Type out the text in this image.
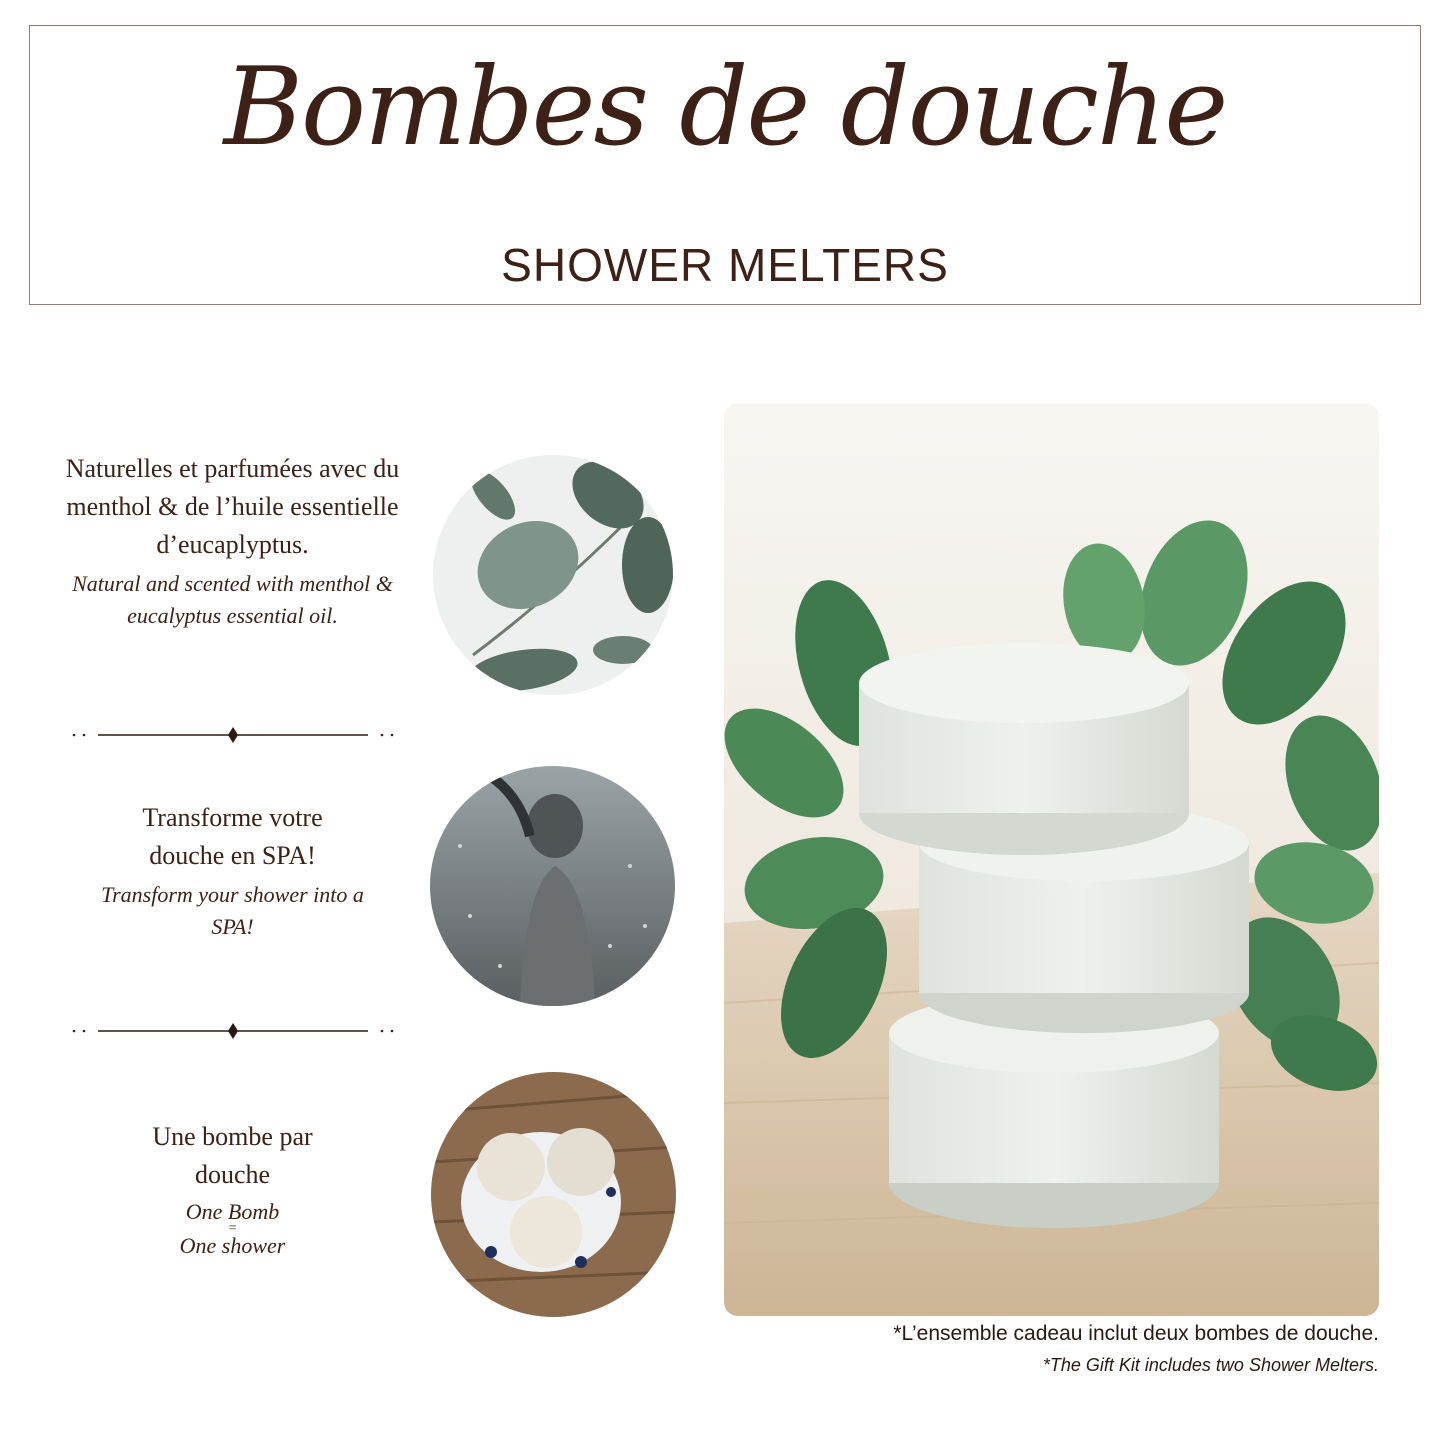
Bombes de douche
SHOWER MELTERS
Naturelles et parfumées avec du menthol & de l’huile essentielle d’eucaplyptus.
Natural and scented with menthol & eucalyptus essential oil.
Transforme votre douche en SPA!
Transform your shower into a SPA!
Une bombe par douche
One Bomb
=
One shower
*L’ensemble cadeau inclut deux bombes de douche.
*The Gift Kit includes two Shower Melters.
